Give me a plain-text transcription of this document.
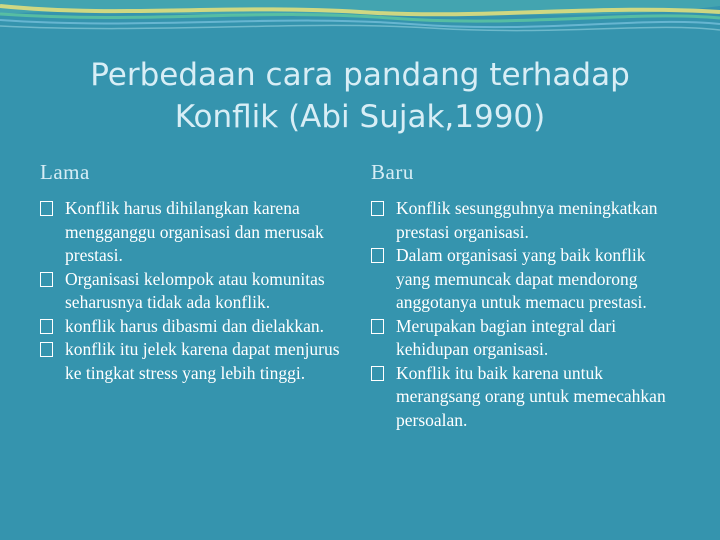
Perbedaan cara pandang terhadap
Konflik (Abi Sujak,1990)
Lama	Baru
Konflik harus dihilangkan karena mengganggu organisasi dan merusak prestasi.
Organisasi kelompok atau komunitas seharusnya tidak ada konflik.
konflik harus dibasmi dan dielakkan.
konflik itu jelek karena dapat menjurus ke tingkat stress yang lebih tinggi.
Konflik sesungguhnya meningkatkan prestasi organisasi.
Dalam organisasi yang baik konflik yang memuncak dapat mendorong anggotanya untuk memacu prestasi.
Merupakan bagian integral dari kehidupan organisasi.
Konflik itu baik karena untuk merangsang orang untuk memecahkan persoalan.
